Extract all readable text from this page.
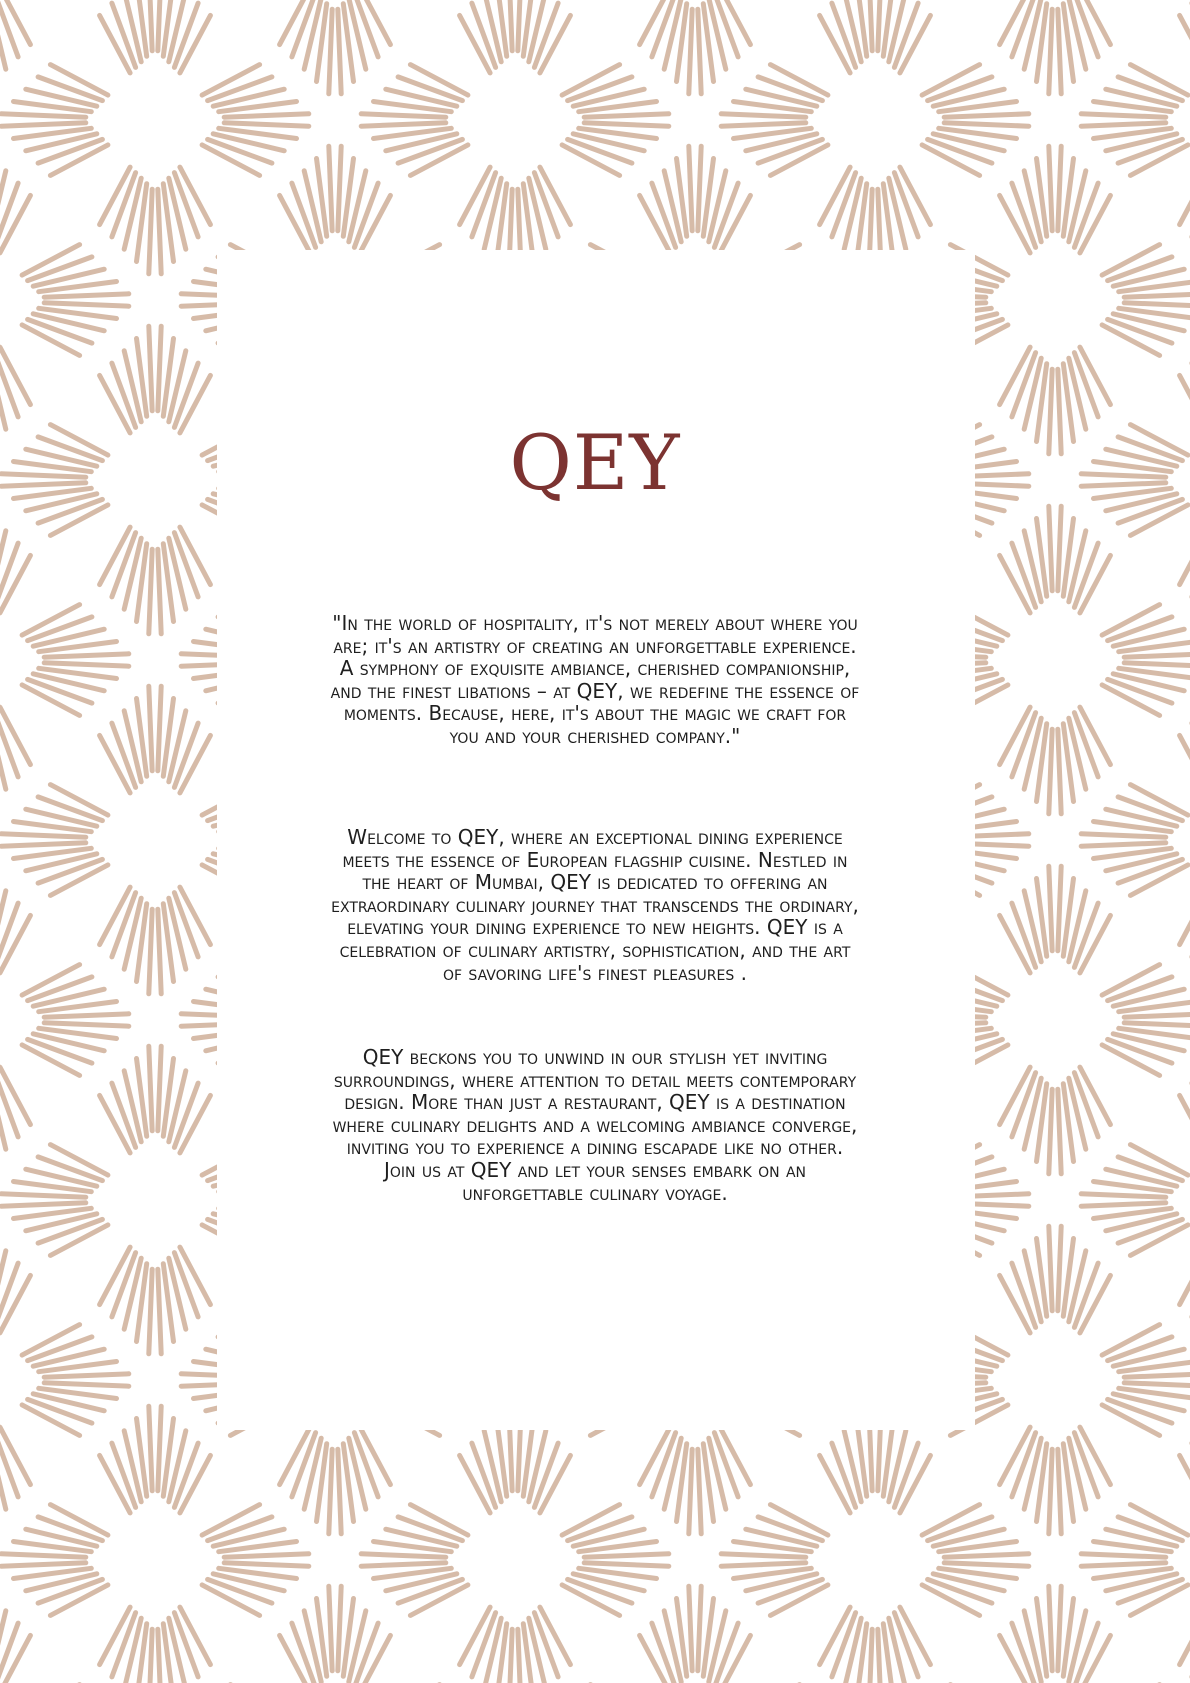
QEY

"In the world of hospitality, it's not merely about where you are; it's an artistry of creating an unforgettable experience. A symphony of exquisite ambiance, cherished companionship, and the finest libations – at QEY, we redefine the essence of moments. Because, here, it's about the magic we craft for you and your cherished company."

Welcome to QEY, where an exceptional dining experience meets the essence of European flagship cuisine. Nestled in the heart of Mumbai, QEY is dedicated to offering an extraordinary culinary journey that transcends the ordinary, elevating your dining experience to new heights. QEY is a celebration of culinary artistry, sophistication, and the art of savoring life's finest pleasures .

QEY beckons you to unwind in our stylish yet inviting surroundings, where attention to detail meets contemporary design. More than just a restaurant, QEY is a destination where culinary delights and a welcoming ambiance converge, inviting you to experience a dining escapade like no other. Join us at QEY and let your senses embark on an unforgettable culinary voyage.
